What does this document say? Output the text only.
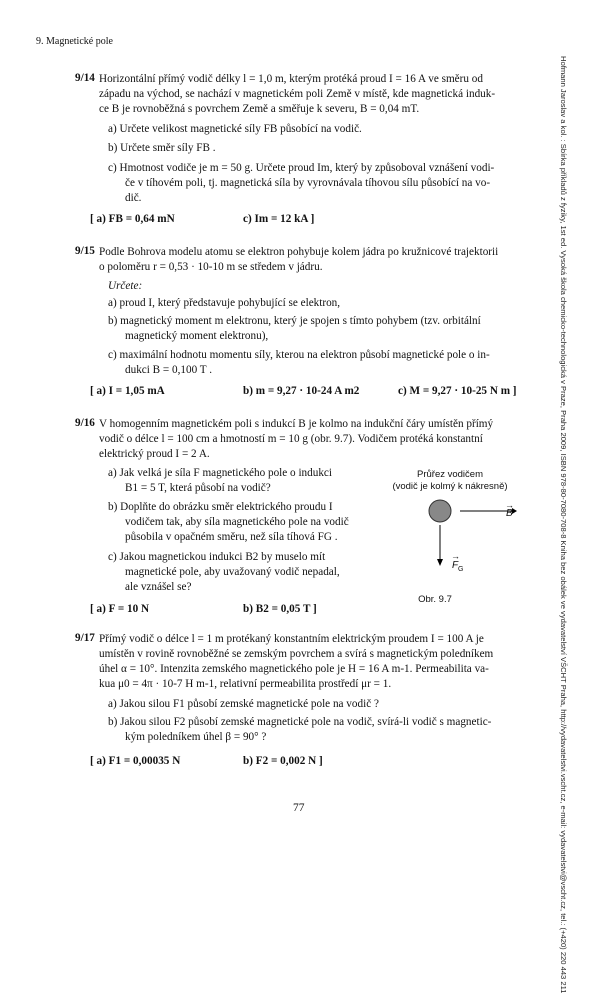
9. Magnetické pole
Hofmann Jaroslav a kol. : Sbírka příkladů z fyziky, 1st ed. Vysoká škola chemicko-technologická v Praze, Praha 2009, ISBN 978-80-7080-708-8 Kniha bez obálek ve vydavatelství VŠCHT Praha, http://vydavatelstvi.vscht.cz, e-mail: vydavatelstvi@vscht.cz, tel.: (+420) 220 443 211
9/14 Horizontální přímý vodič délky l = 1,0 m, kterým protéká proud I = 16 A ve směru od
západu na východ, se nachází v magnetickém poli Země v místě, kde magnetická induk-
ce B je rovnoběžná s povrchem Země a směřuje k severu, B = 0,04 mT.
a) Určete velikost magnetické síly FB působící na vodič.
b) Určete směr síly FB .
c) Hmotnost vodiče je m = 50 g. Určete proud Im, který by způsoboval vznášení vodi-
če v tíhovém poli, tj. magnetická síla by vyrovnávala tíhovou sílu působící na vo-
dič.
[ a) FB = 0,64 mN	c) Im = 12 kA ]
9/15 Podle Bohrova modelu atomu se elektron pohybuje kolem jádra po kružnicové trajektorii
o poloměru r = 0,53 · 10-10 m se středem v jádru.
Určete:
a) proud I, který představuje pohybující se elektron,
b) magnetický moment m elektronu, který je spojen s tímto pohybem (tzv. orbitální
magnetický moment elektronu),
c) maximální hodnotu momentu síly, kterou na elektron působí magnetické pole o in-
dukci B = 0,100 T .
[ a) I = 1,05 mA	b) m = 9,27 · 10-24 A m2	c) M = 9,27 · 10-25 N m ]
9/16 V homogenním magnetickém poli s indukcí B je kolmo na indukční čáry umístěn přímý
vodič o délce l = 100 cm a hmotností m = 10 g (obr. 9.7). Vodičem protéká konstantní
elektrický proud I = 2 A.
a) Jak velká je síla F magnetického pole o indukci
B1 = 5 T, která působí na vodič?
b) Doplňte do obrázku směr elektrického proudu I
vodičem tak, aby síla magnetického pole na vodič
působila v opačném směru, než síla tíhová FG .
c) Jakou magnetickou indukci B2 by muselo mít
magnetické pole, aby uvažovaný vodič nepadal,
ale vznášel se?
[ a) F = 10 N	b) B2 = 0,05 T ]
Průřez vodičem
(vodič je kolmý k nákresně)
B
→
F
→
G
Obr. 9.7
9/17 Přímý vodič o délce l = 1 m protékaný konstantním elektrickým proudem I = 100 A je
umístěn v rovině rovnoběžné se zemským povrchem a svírá s magnetickým poledníkem
úhel α = 10°. Intenzita zemského magnetického pole je H = 16 A m-1. Permeabilita va-
kua μ0 = 4π · 10-7 H m-1, relativní permeabilita prostředí μr = 1.
a) Jakou silou F1 působí zemské magnetické pole na vodič ?
b) Jakou silou F2 působí zemské magnetické pole na vodič, svírá-li vodič s magnetic-
kým poledníkem úhel β = 90° ?
[ a) F1 = 0,00035 N	b) F2 = 0,002 N ]
77
